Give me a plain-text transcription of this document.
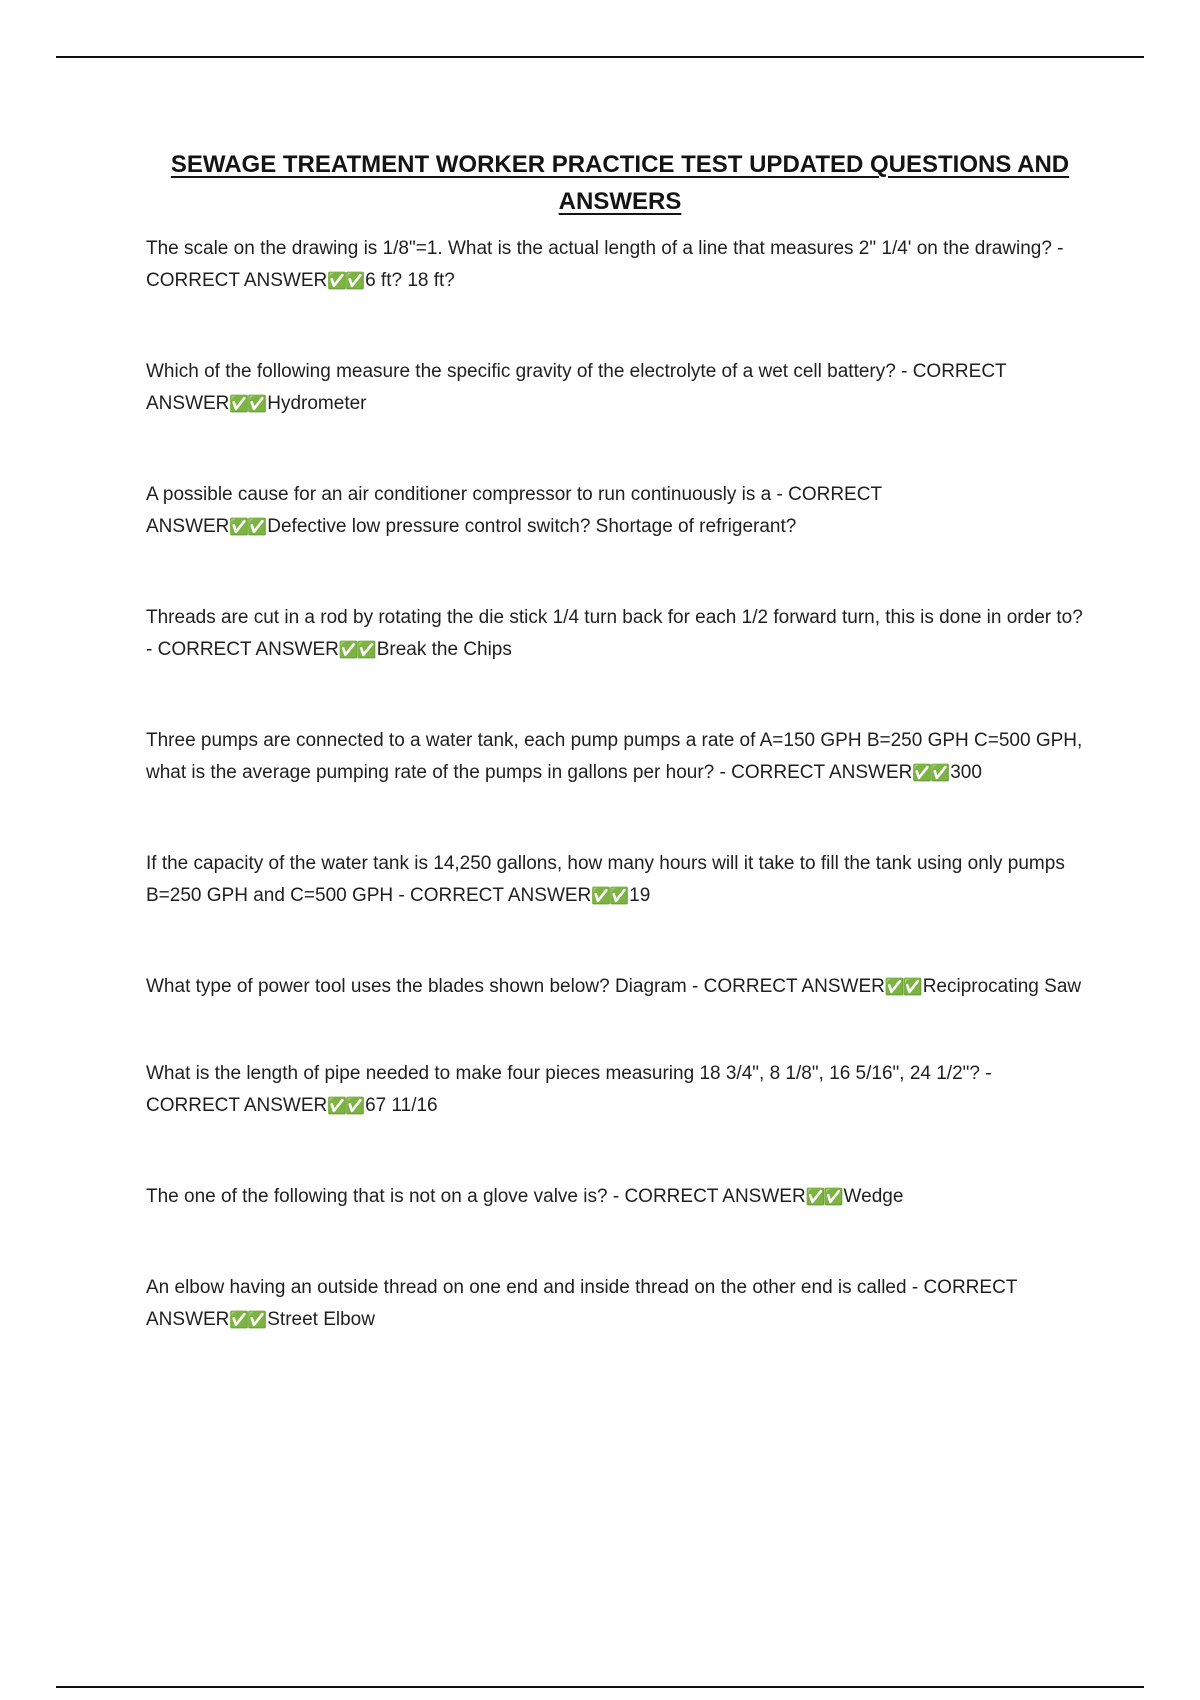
SEWAGE TREATMENT WORKER PRACTICE TEST UPDATED QUESTIONS AND ANSWERS
The scale on the drawing is 1/8"=1. What is the actual length of a line that measures 2" 1/4' on the drawing? - CORRECT ANSWER✅✅ 6 ft? 18 ft?
Which of the following measure the specific gravity of the electrolyte of a wet cell battery? - CORRECT ANSWER✅✅ Hydrometer
A possible cause for an air conditioner compressor to run continuously is a - CORRECT ANSWER✅✅ Defective low pressure control switch? Shortage of refrigerant?
Threads are cut in a rod by rotating the die stick 1/4 turn back for each 1/2 forward turn, this is done in order to? - CORRECT ANSWER✅✅ Break the Chips
Three pumps are connected to a water tank, each pump pumps a rate of A=150 GPH B=250 GPH C=500 GPH, what is the average pumping rate of the pumps in gallons per hour? - CORRECT ANSWER✅✅ 300
If the capacity of the water tank is 14,250 gallons, how many hours will it take to fill the tank using only pumps B=250 GPH and C=500 GPH - CORRECT ANSWER✅✅ 19
What type of power tool uses the blades shown below? Diagram - CORRECT ANSWER✅✅ Reciprocating Saw
What is the length of pipe needed to make four pieces measuring 18 3/4", 8 1/8", 16 5/16", 24 1/2"? - CORRECT ANSWER✅✅ 67 11/16
The one of the following that is not on a glove valve is? - CORRECT ANSWER✅✅ Wedge
An elbow having an outside thread on one end and inside thread on the other end is called - CORRECT ANSWER✅✅ Street Elbow
